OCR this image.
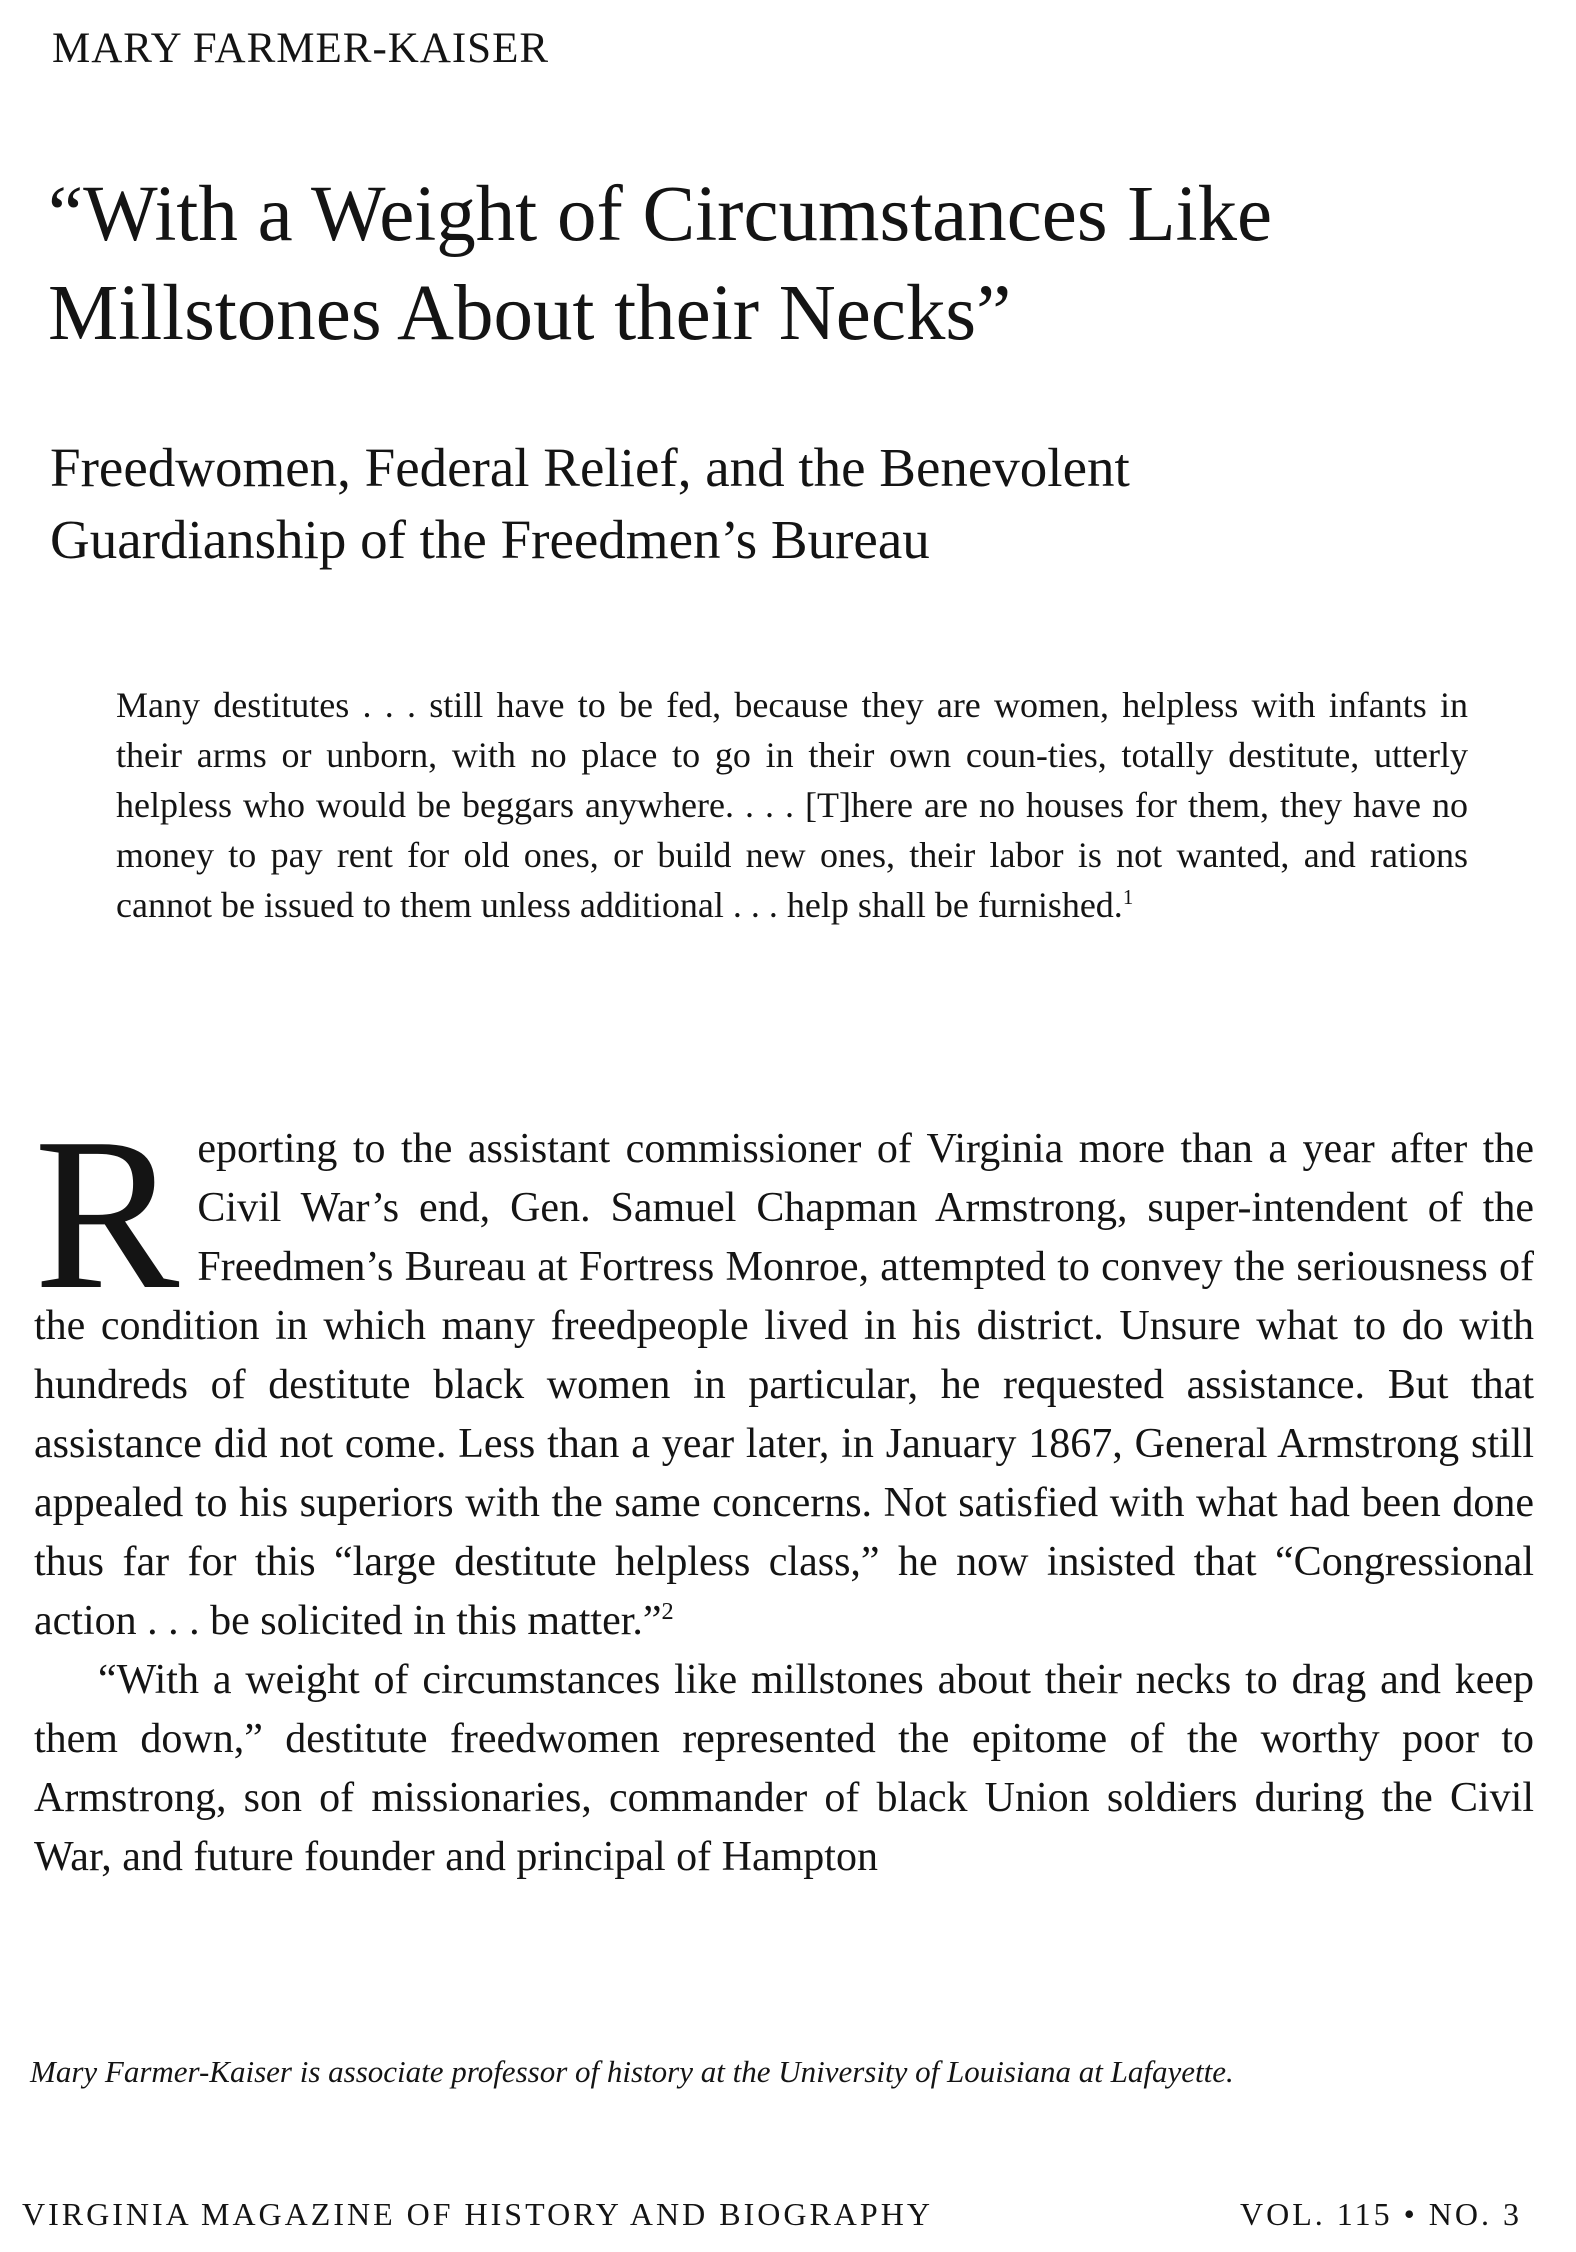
MARY FARMER-KAISER
“With a Weight of Circumstances Like
Millstones About their Necks”
Freedwomen, Federal Relief, and the Benevolent
Guardianship of the Freedmen’s Bureau
Many destitutes . . . still have to be fed, because they are women, helpless with infants in their arms or unborn, with no place to go in their own coun-ties, totally destitute, utterly helpless who would be beggars anywhere. . . . [T]here are no houses for them, they have no money to pay rent for old ones, or build new ones, their labor is not wanted, and rations cannot be issued to them unless additional . . . help shall be furnished.$^1$

Reporting to the assistant commissioner of Virginia more than a year after the Civil War’s end, Gen. Samuel Chapman Armstrong, super-intendent of the Freedmen’s Bureau at Fortress Monroe, attempted to convey the seriousness of the condition in which many freedpeople lived in his district. Unsure what to do with hundreds of destitute black women in particular, he requested assistance. But that assistance did not come. Less than a year later, in January 1867, General Armstrong still appealed to his superiors with the same concerns. Not satisfied with what had been done thus far for this “large destitute helpless class,” he now insisted that “Congressional action . . . be solicited in this matter.”$^2$

“With a weight of circumstances like millstones about their necks to drag and keep them down,” destitute freedwomen represented the epitome of the worthy poor to Armstrong, son of missionaries, commander of black Union soldiers during the Civil War, and future founder and principal of Hampton

Mary Farmer-Kaiser is associate professor of history at the University of Louisiana at Lafayette.

VIRGINIA MAGAZINE OF HISTORY AND BIOGRAPHY	VOL. 115 • NO. 3
